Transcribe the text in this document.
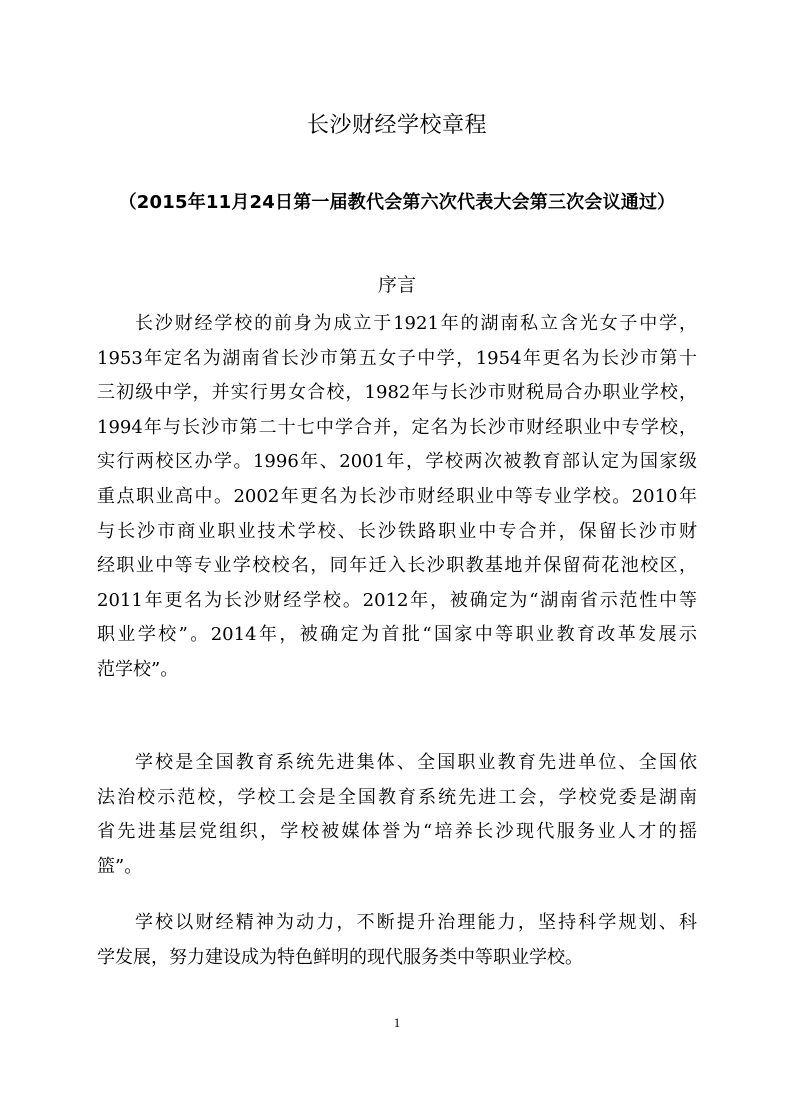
长沙财经学校章程
（2015年11月24日第一届教代会第六次代表大会第三次会议通过）
序言
长沙财经学校的前身为成立于1921年的湖南私立含光女子中学，
1953年定名为湖南省长沙市第五女子中学，1954年更名为长沙市第十
三初级中学，并实行男女合校，1982年与长沙市财税局合办职业学校，
1994年与长沙市第二十七中学合并，定名为长沙市财经职业中专学校，
实行两校区办学。1996年、2001年，学校两次被教育部认定为国家级
重点职业高中。2002年更名为长沙市财经职业中等专业学校。2010年
与长沙市商业职业技术学校、长沙铁路职业中专合并，保留长沙市财
经职业中等专业学校校名，同年迁入长沙职教基地并保留荷花池校区，
2011年更名为长沙财经学校。2012年，被确定为“湖南省示范性中等
职业学校”。2014年，被确定为首批“国家中等职业教育改革发展示
范学校”。
学校是全国教育系统先进集体、全国职业教育先进单位、全国依
法治校示范校，学校工会是全国教育系统先进工会，学校党委是湖南
省先进基层党组织，学校被媒体誉为“培养长沙现代服务业人才的摇
篮”。
学校以财经精神为动力，不断提升治理能力，坚持科学规划、科
学发展，努力建设成为特色鲜明的现代服务类中等职业学校。
1
